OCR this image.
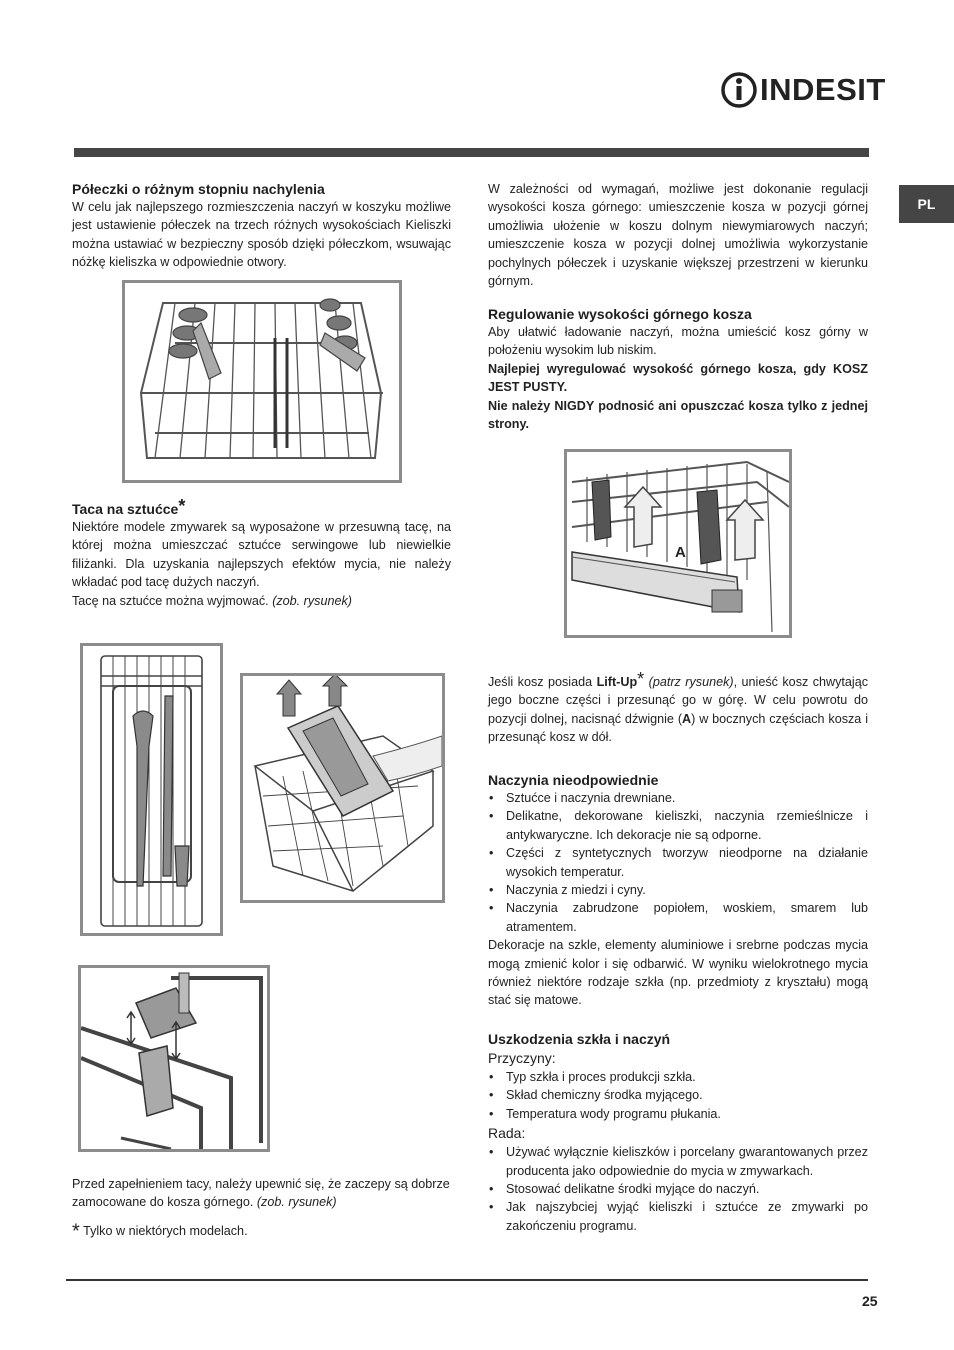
INDESIT
PL
Półeczki o różnym stopniu nachylenia

W celu jak najlepszego rozmieszczenia naczyń w koszyku możliwe jest ustawienie półeczek na trzech różnych wysokościach Kieliszki można ustawiać w bezpieczny sposób dzięki półeczkom, wsuwając nóżkę kieliszka w odpowiednie otwory.

Taca na sztućce*

Niektóre modele zmywarek są wyposażone w przesuwną tacę, na której można umieszczać sztućce serwingowe lub niewielkie filiżanki. Dla uzyskania najlepszych efektów mycia, nie należy wkładać pod tacę dużych naczyń.

Tacę na sztućce można wyjmować. (zob. rysunek)

Przed zapełnieniem tacy, należy upewnić się, że zaczepy są dobrze zamocowane do kosza górnego. (zob. rysunek)

* Tylko w niektórych modelach.

W zależności od wymagań, możliwe jest dokonanie regulacji wysokości kosza górnego: umieszczenie kosza w pozycji górnej umożliwia ułożenie w koszu dolnym niewymiarowych naczyń; umieszczenie kosza w pozycji dolnej umożliwia wykorzystanie pochylnych półeczek i uzyskanie większej przestrzeni w kierunku górnym.

Regulowanie wysokości górnego kosza

Aby ułatwić ładowanie naczyń, można umieścić kosz górny w położeniu wysokim lub niskim.

Najlepiej wyregulować wysokość górnego kosza, gdy KOSZ JEST PUSTY.

Nie należy NIGDY podnosić ani opuszczać kosza tylko z jednej strony.

A

Jeśli kosz posiada Lift-Up* (patrz rysunek), unieść kosz chwytając jego boczne części i przesunąć go w górę. W celu powrotu do pozycji dolnej, nacisnąć dźwignie (A) w bocznych częściach kosza i przesunąć kosz w dół.

Naczynia nieodpowiednie
• Sztućce i naczynia drewniane.
• Delikatne, dekorowane kieliszki, naczynia rzemieślnicze i antykwaryczne. Ich dekoracje nie są odporne.
• Części z syntetycznych tworzyw nieodporne na działanie wysokich temperatur.
• Naczynia z miedzi i cyny.
• Naczynia zabrudzone popiołem, woskiem, smarem lub atramentem.

Dekoracje na szkle, elementy aluminiowe i srebrne podczas mycia mogą zmienić kolor i się odbarwić. W wyniku wielokrotnego mycia również niektóre rodzaje szkła (np. przedmioty z kryształu) mogą stać się matowe.

Uszkodzenia szkła i naczyń
Przyczyny:
• Typ szkła i proces produkcji szkła.
• Skład chemiczny środka myjącego.
• Temperatura wody programu płukania.
Rada:
• Używać wyłącznie kieliszków i porcelany gwarantowanych przez producenta jako odpowiednie do mycia w zmywarkach.
• Stosować delikatne środki myjące do naczyń.
• Jak najszybciej wyjąć kieliszki i sztućce ze zmywarki po zakończeniu programu.
25
